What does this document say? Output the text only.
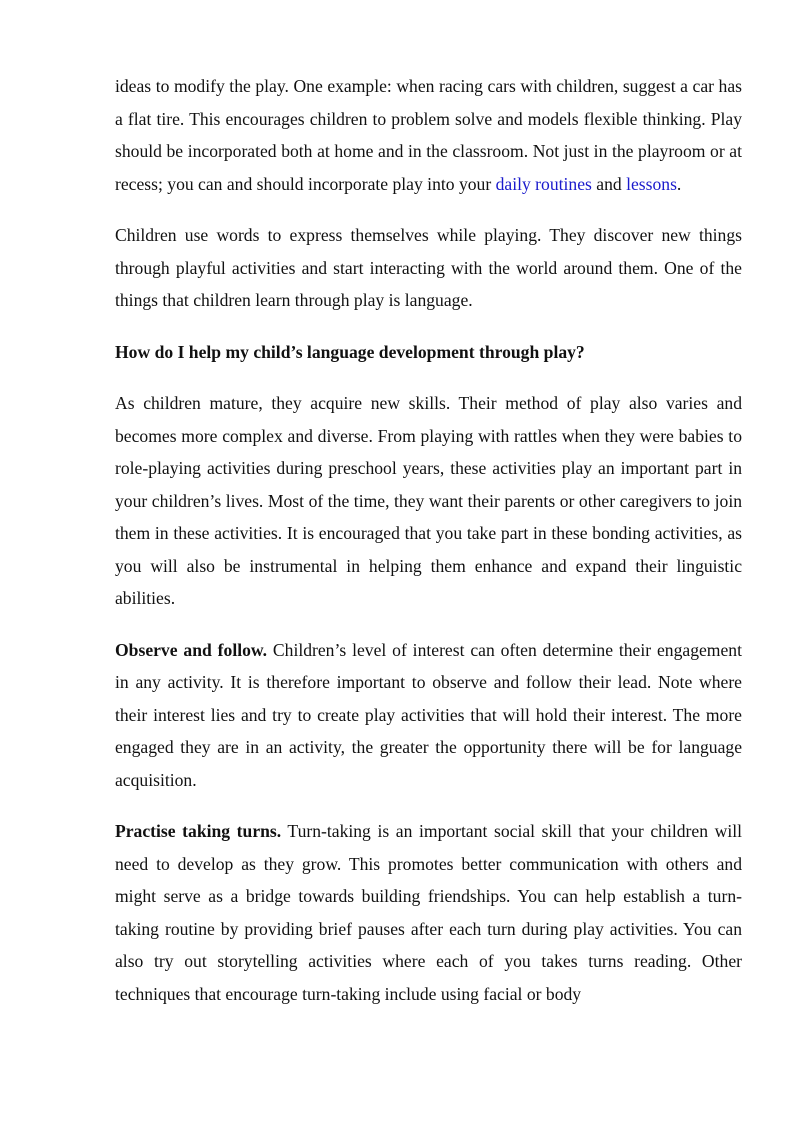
ideas to modify the play. One example: when racing cars with children, suggest a car has a flat tire. This encourages children to problem solve and models flexible thinking. Play should be incorporated both at home and in the classroom. Not just in the playroom or at recess; you can and should incorporate play into your daily routines and lessons.

Children use words to express themselves while playing. They discover new things through playful activities and start interacting with the world around them. One of the things that children learn through play is language.

How do I help my child’s language development through play?

As children mature, they acquire new skills. Their method of play also varies and becomes more complex and diverse. From playing with rattles when they were babies to role-playing activities during preschool years, these activities play an important part in your children’s lives. Most of the time, they want their parents or other caregivers to join them in these activities. It is encouraged that you take part in these bonding activities, as you will also be instrumental in helping them enhance and expand their linguistic abilities.

Observe and follow. Children’s level of interest can often determine their engagement in any activity. It is therefore important to observe and follow their lead. Note where their interest lies and try to create play activities that will hold their interest. The more engaged they are in an activity, the greater the opportunity there will be for language acquisition.

Practise taking turns. Turn-taking is an important social skill that your children will need to develop as they grow. This promotes better communication with others and might serve as a bridge towards building friendships. You can help establish a turn-taking routine by providing brief pauses after each turn during play activities. You can also try out storytelling activities where each of you takes turns reading. Other techniques that encourage turn-taking include using facial or body
